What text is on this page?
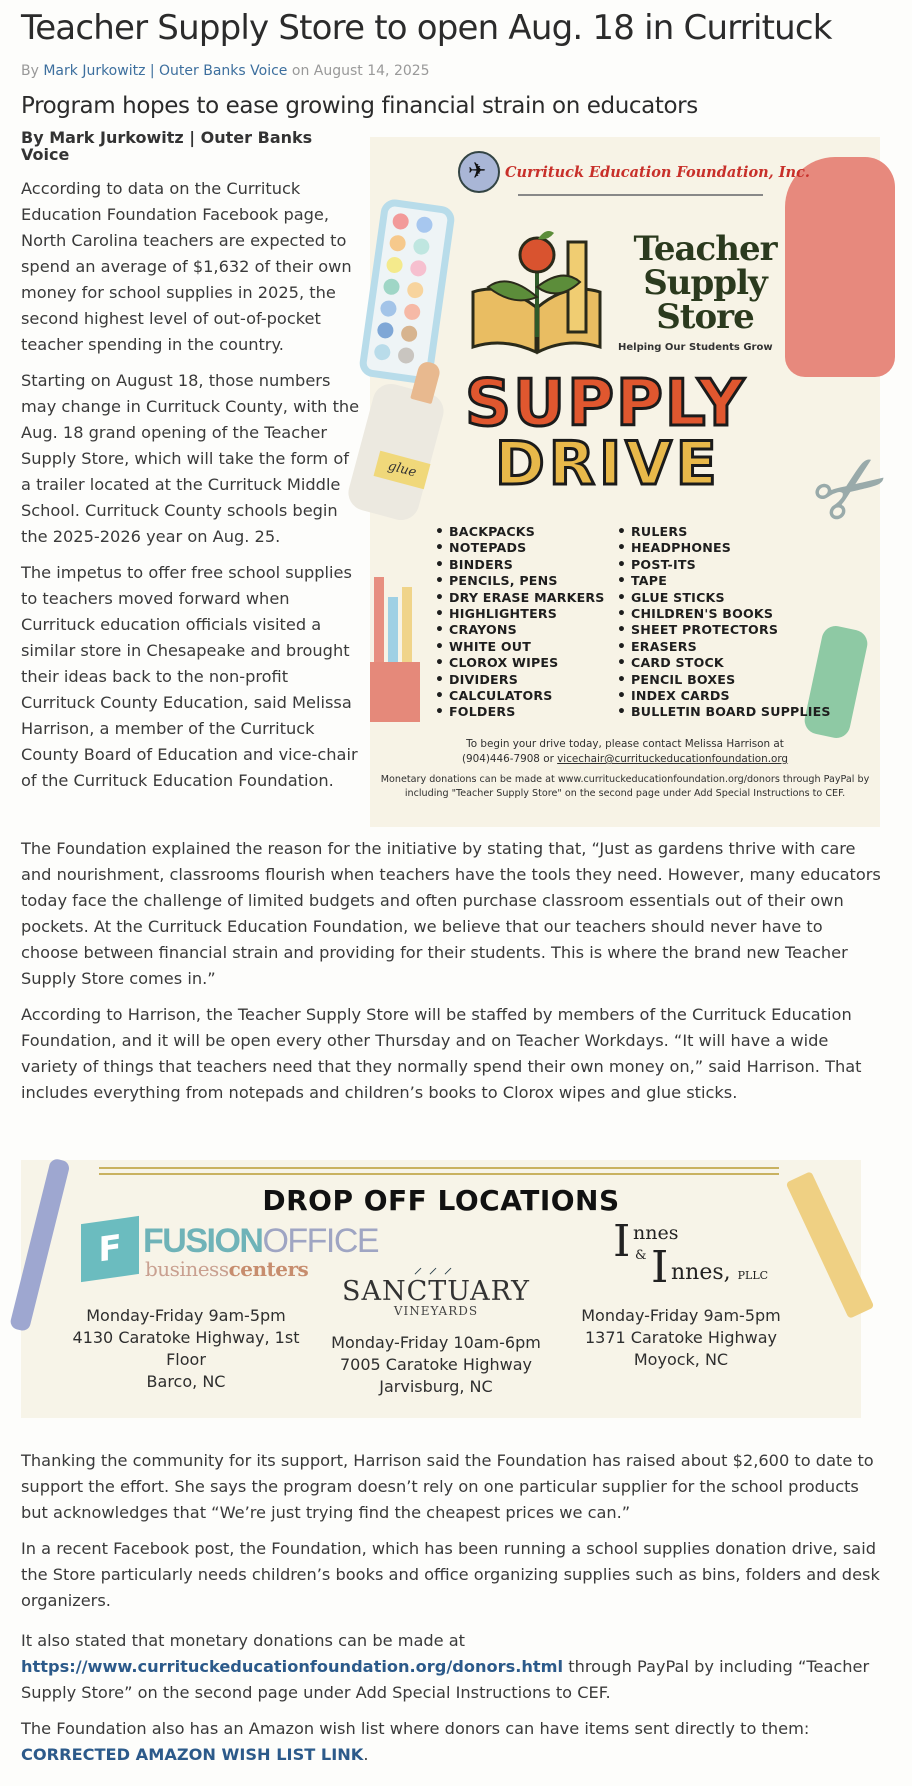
Teacher Supply Store to open Aug. 18 in Currituck
By Mark Jurkowitz | Outer Banks Voice on August 14, 2025
Program hopes to ease growing financial strain on educators
By Mark Jurkowitz | Outer Banks Voice

According to data on the Currituck Education Foundation Facebook page, North Carolina teachers are expected to spend an average of $1,632 of their own money for school supplies in 2025, the second highest level of out-of-pocket teacher spending in the country.

Starting on August 18, those numbers may change in Currituck County, with the Aug. 18 grand opening of the Teacher Supply Store, which will take the form of a trailer located at the Currituck Middle School. Currituck County schools begin the 2025-2026 year on Aug. 25.

The impetus to offer free school supplies to teachers moved forward when Currituck education officials visited a similar store in Chesapeake and brought their ideas back to the non-profit Currituck County Education, said Melissa Harrison, a member of the Currituck County Board of Education and vice-chair of the Currituck Education Foundation.

The Foundation explained the reason for the initiative by stating that, “Just as gardens thrive with care and nourishment, classrooms flourish when teachers have the tools they need. However, many educators today face the challenge of limited budgets and often purchase classroom essentials out of their own pockets. At the Currituck Education Foundation, we believe that our teachers should never have to choose between financial strain and providing for their students. This is where the brand new Teacher Supply Store comes in.”

According to Harrison, the Teacher Supply Store will be staffed by members of the Currituck Education Foundation, and it will be open every other Thursday and on Teacher Workdays. “It will have a wide variety of things that teachers need that they normally spend their own money on,” said Harrison. That includes everything from notepads and children’s books to Clorox wipes and glue sticks.

Thanking the community for its support, Harrison said the Foundation has raised about $2,600 to date to support the effort. She says the program doesn’t rely on one particular supplier for the school products but acknowledges that “We’re just trying find the cheapest prices we can.”

In a recent Facebook post, the Foundation, which has been running a school supplies donation drive, said the Store particularly needs children’s books and office organizing supplies such as bins, folders and desk organizers.

It also stated that monetary donations can be made at
https://www.currituckeducationfoundation.org/donors.html through PayPal by including “Teacher Supply Store” on the second page under Add Special Instructions to CEF.

The Foundation also has an Amazon wish list where donors can have items sent directly to them:
CORRECTED AMAZON WISH LIST LINK.

✈ Currituck Education Foundation, Inc.
Teacher Supply Store
Helping Our Students Grow
glue
SUPPLY
DRIVE ✂
• BACKPACKS
• NOTEPADS
• BINDERS
• PENCILS, PENS
• DRY ERASE MARKERS
• HIGHLIGHTERS
• CRAYONS
• WHITE OUT
• CLOROX WIPES
• DIVIDERS
• CALCULATORS
• FOLDERS
• RULERS
• HEADPHONES
• POST-ITS
• TAPE
• GLUE STICKS
• CHILDREN'S BOOKS
• SHEET PROTECTORS
• ERASERS
• CARD STOCK
• PENCIL BOXES
• INDEX CARDS
• BULLETIN BOARD SUPPLIES
To begin your drive today, please contact Melissa Harrison at
(904)446-7908 or vicechair@currituckeducationfoundation.org
Monetary donations can be made at www.currituckeducationfoundation.org/donors through PayPal by including "Teacher Supply Store" on the second page under Add Special Instructions to CEF.
DROP OFF LOCATIONS
F FUSIONOFFICE
businesscenters
Monday-Friday 9am-5pm
4130 Caratoke Highway, 1st Floor
Barco, NC
⸝⸝⸝
SANCTUARY
VINEYARDS
Monday-Friday 10am-6pm
7005 Caratoke Highway
Jarvisburg, NC
I nnes
& I nnes, PLLC
Monday-Friday 9am-5pm
1371 Caratoke Highway
Moyock, NC
